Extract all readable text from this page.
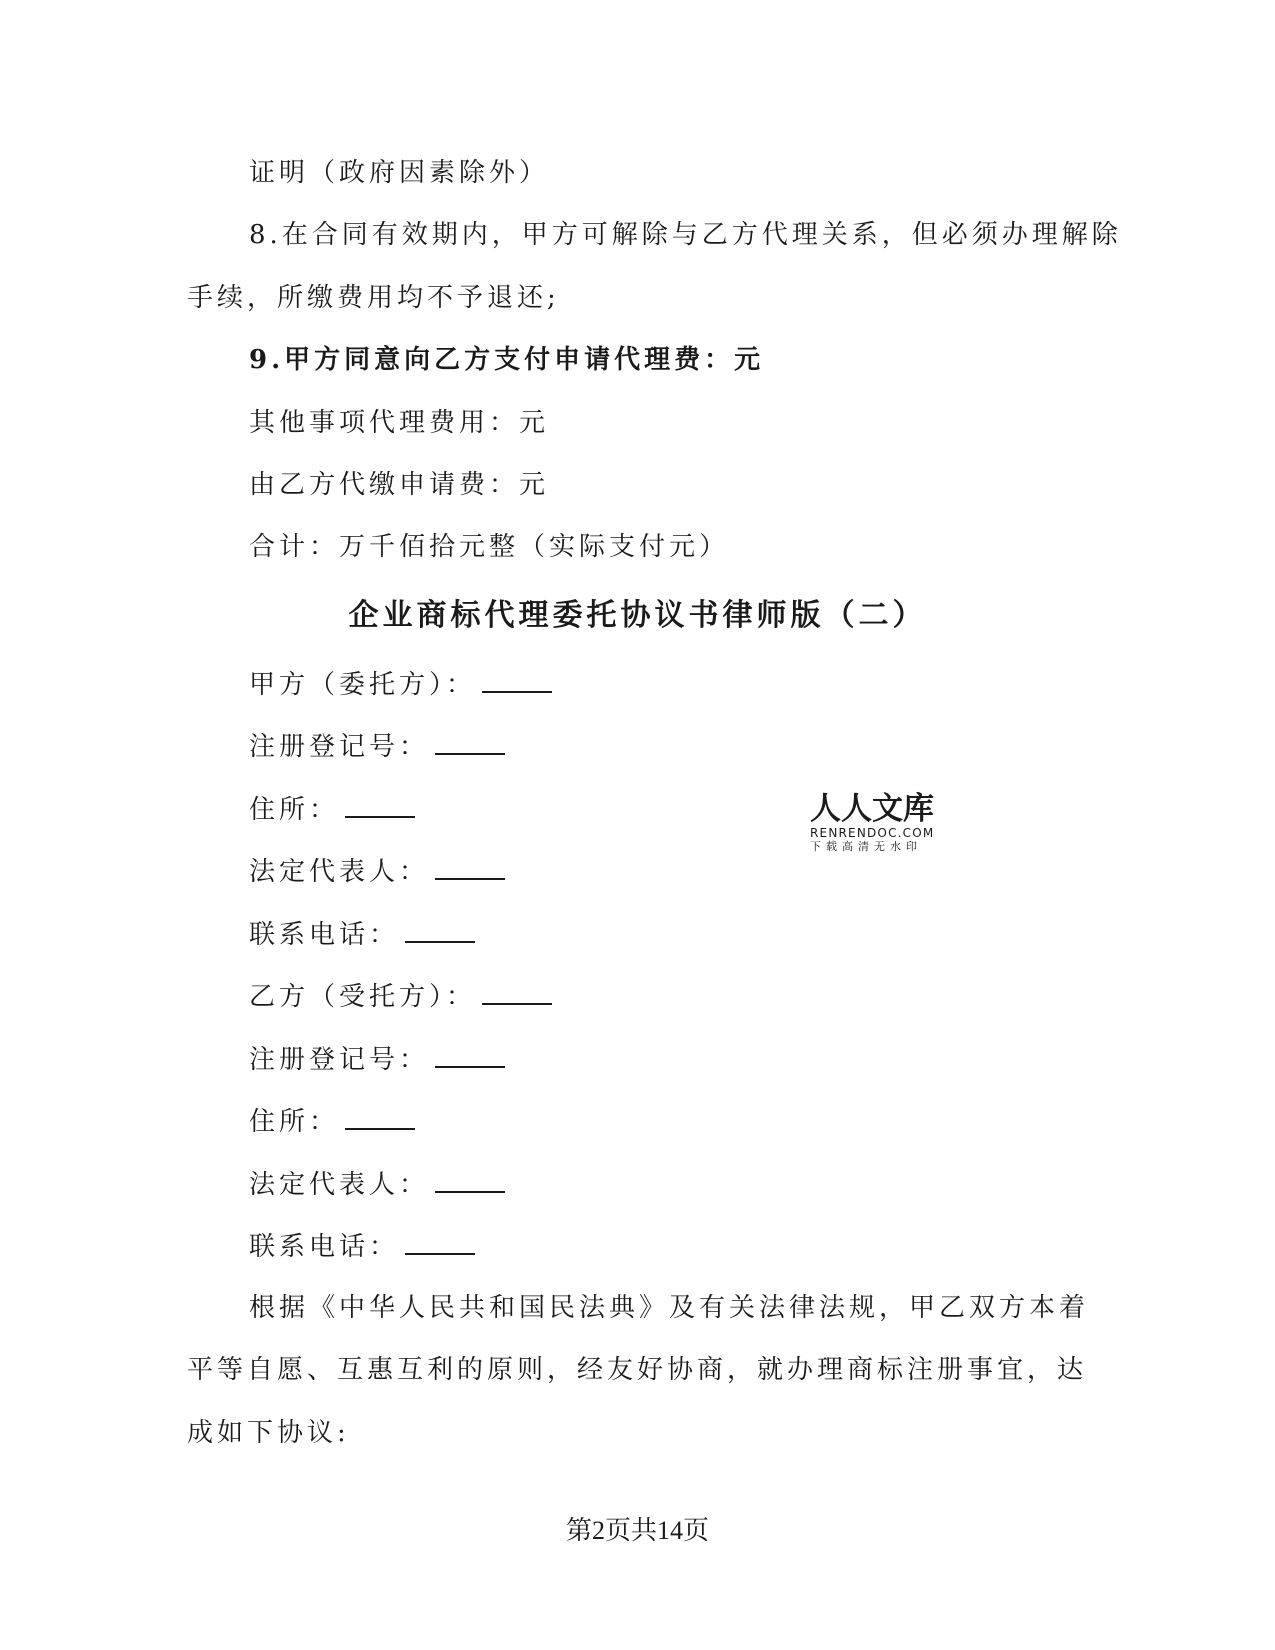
证明（政府因素除外）
8.在合同有效期内，甲方可解除与乙方代理关系，但必须办理解除
手续，所缴费用均不予退还;
9.甲方同意向乙方支付申请代理费：元
其他事项代理费用：元
由乙方代缴申请费：元
合计：万千佰拾元整（实际支付元）
企业商标代理委托协议书律师版（二）
甲方（委托方）：
注册登记号：
住所：
法定代表人：
联系电话：
乙方（受托方）：
注册登记号：
住所：
法定代表人：
联系电话：
根据《中华人民共和国民法典》及有关法律法规，甲乙双方本着
平等自愿、互惠互利的原则，经友好协商，就办理商标注册事宜，达
成如下协议:
人人文库
RENRENDOC.COM
下载高清无水印
第2页共14页
